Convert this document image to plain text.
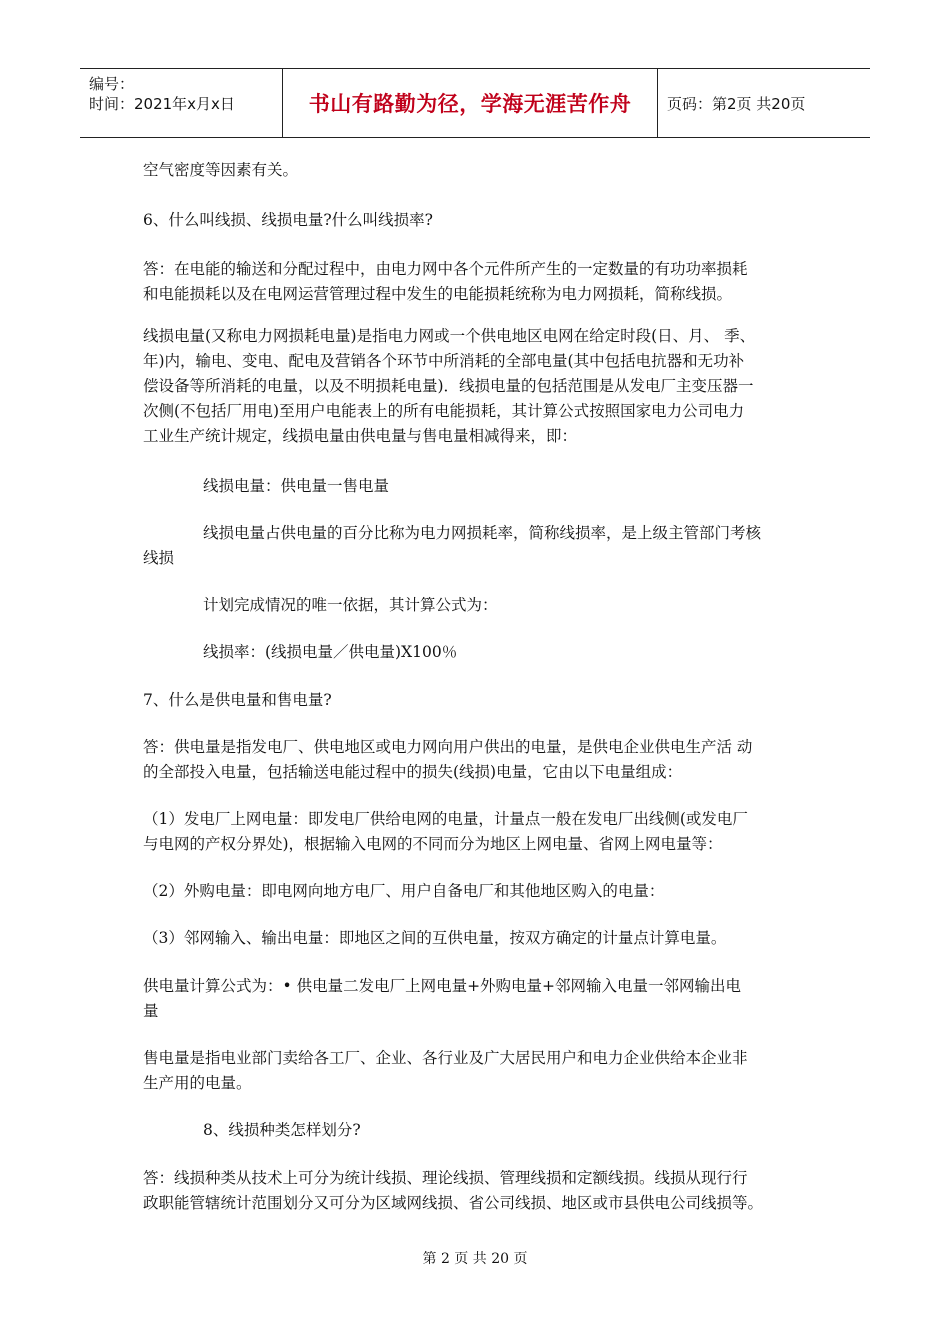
编号：
时间：2021年x月x日	书山有路勤为径，学海无涯苦作舟 页码：第2页 共20页
空气密度等因素有关。
6、什么叫线损、线损电量?什么叫线损率?
答：在电能的输送和分配过程中，由电力网中各个元件所产生的一定数量的有功功率损耗
和电能损耗以及在电网运营管理过程中发生的电能损耗统称为电力网损耗，简称线损。
线损电量(又称电力网损耗电量)是指电力网或一个供电地区电网在给定时段(日、月、 季、
年)内，输电、变电、配电及营销各个环节中所消耗的全部电量(其中包括电抗器和无功补
偿设备等所消耗的电量，以及不明损耗电量)．线损电量的包括范围是从发电厂主变压器一
次侧(不包括厂用电)至用户电能表上的所有电能损耗，其计算公式按照国家电力公司电力
工业生产统计规定，线损电量由供电量与售电量相减得来，即：
线损电量：供电量一售电量
线损电量占供电量的百分比称为电力网损耗率，简称线损率，是上级主管部门考核
线损
计划完成情况的唯一依据，其计算公式为：
线损率：(线损电量／供电量)X100％
7、什么是供电量和售电量?
答：供电量是指发电厂、供电地区或电力网向用户供出的电量，是供电企业供电生产活 动
的全部投入电量，包括输送电能过程中的损失(线损)电量，它由以下电量组成：
（1）发电厂上网电量：即发电厂供给电网的电量，计量点一般在发电厂出线侧(或发电厂
与电网的产权分界处)，根据输入电网的不同而分为地区上网电量、省网上网电量等：
（2）外购电量：即电网向地方电厂、用户自备电厂和其他地区购入的电量：
（3）邻网输入、输出电量：即地区之间的互供电量，按双方确定的计量点计算电量。
供电量计算公式为：• 供电量二发电厂上网电量+外购电量+邻网输入电量一邻网输出电
量
售电量是指电业部门卖给各工厂、企业、各行业及广大居民用户和电力企业供给本企业非
生产用的电量。
8、线损种类怎样划分?
答：线损种类从技术上可分为统计线损、理论线损、管理线损和定额线损。线损从现行行
政职能管辖统计范围划分又可分为区域网线损、省公司线损、地区或市县供电公司线损等。
第 2 页 共 20 页
